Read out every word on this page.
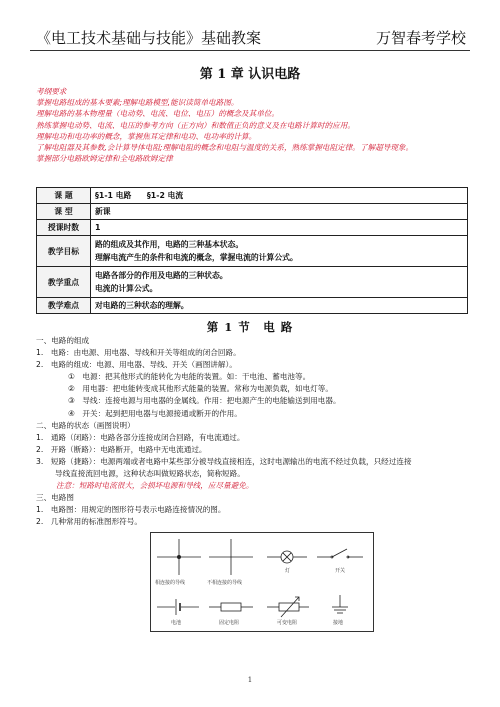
《电工技术基础与技能》基础教案	万智春考学校
第 1 章 认识电路
考纲要求
掌握电路组成的基本要素;理解电路模型,能识读简单电路图。
理解电路的基本物理量（电动势、电流、电位、电压）的概念及其单位。
熟练掌握电动势、电流、电压的参考方向（正方向）和数值正负的意义及在电路计算时的应用。
理解电功和电功率的概念，掌握焦耳定律和电功、电功率的计算。
了解电阻器及其参数,会计算导体电阻;理解电阻的概念和电阻与温度的关系，熟练掌握电阻定律。了解超导现象。
掌握部分电路欧姆定律和全电路欧姆定律
课 题	§1-1 电路　　§1-2 电流
课 型	新课
授课时数	1
教学目标	路的组成及其作用，电路的三种基本状态。
理解电流产生的条件和电流的概念，掌握电流的计算公式。

教学重点	电路各部分的作用及电路的三种状态。
电流的计算公式。

教学难点	对电路的三种状态的理解。
第 1 节　电 路
一、电路的组成
1.　电路：由电源、用电器、导线和开关等组成的闭合回路。
2.　电路的组成：电源、用电器、导线、开关（画图讲解）。
①　电源：把其他形式的能转化为电能的装置。如：干电池、蓄电池等。
②　用电器：把电能转变成其他形式能量的装置。常称为电源负载，如电灯等。
③　导线：连接电源与用电器的金属线。作用：把电源产生的电能输送到用电器。
④　开关：起到把用电器与电源接通或断开的作用。
二、电路的状态（画图说明）
1.　通路（闭路）：电路各部分连接成闭合回路，有电流通过。
2.　开路（断路）：电路断开，电路中无电流通过。
3.　短路（捷路）：电源两端或者电路中某些部分被导线直接相连，这时电源输出的电流不经过负载，只经过连接
导线直接流回电源，这种状态叫做短路状态，简称短路。
注意：短路时电流很大，会损坏电源和导线，应尽量避免。
三、电路图
1.　电路图：用规定的图形符号表示电路连接情况的图。
2.　几种常用的标准图形符号。
相连接的导线	不相连接的导线
灯	开关
电池	固定电阻	可变电阻	接地
1
